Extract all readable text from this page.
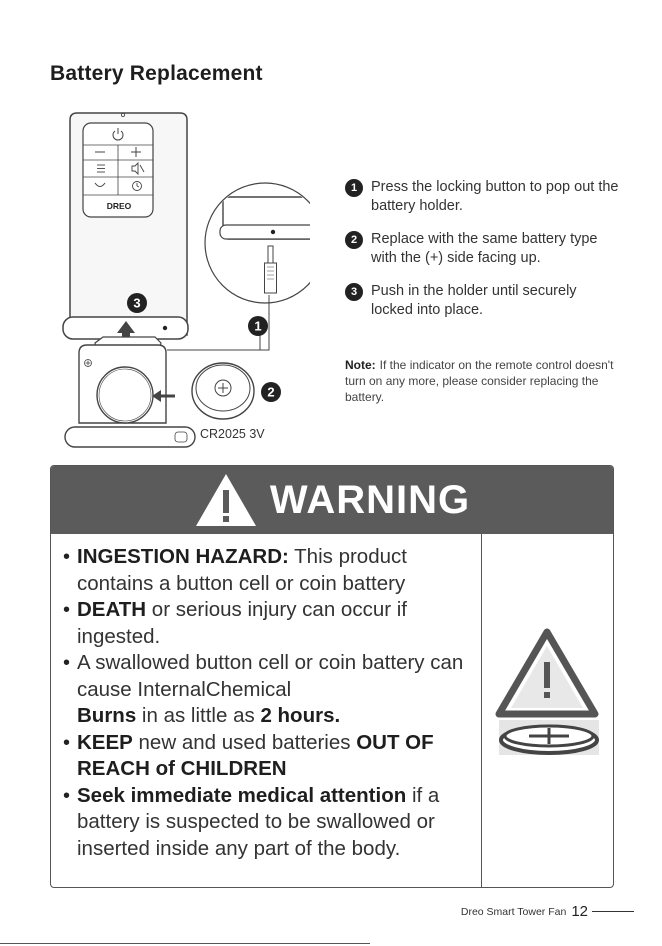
Battery Replacement
DREO
3
2
CR2025 3V
1
1 Press the locking button to pop out the battery holder.
2 Replace with the same battery type with the (+) side facing up.
3 Push in the holder until securely locked into place.
Note: If the indicator on the remote control doesn't turn on any more, please consider replacing the battery.
WARNING
• INGESTION HAZARD: This product contains a button cell or coin battery
• DEATH or serious injury can occur if ingested.
• A swallowed button cell or coin battery can cause InternalChemical
Burns in as little as 2 hours.
• KEEP new and used batteries OUT OF REACH of CHILDREN
• Seek immediate medical attention if a battery is suspected to be swallowed or inserted inside any part of the body.
Dreo Smart Tower Fan 12
